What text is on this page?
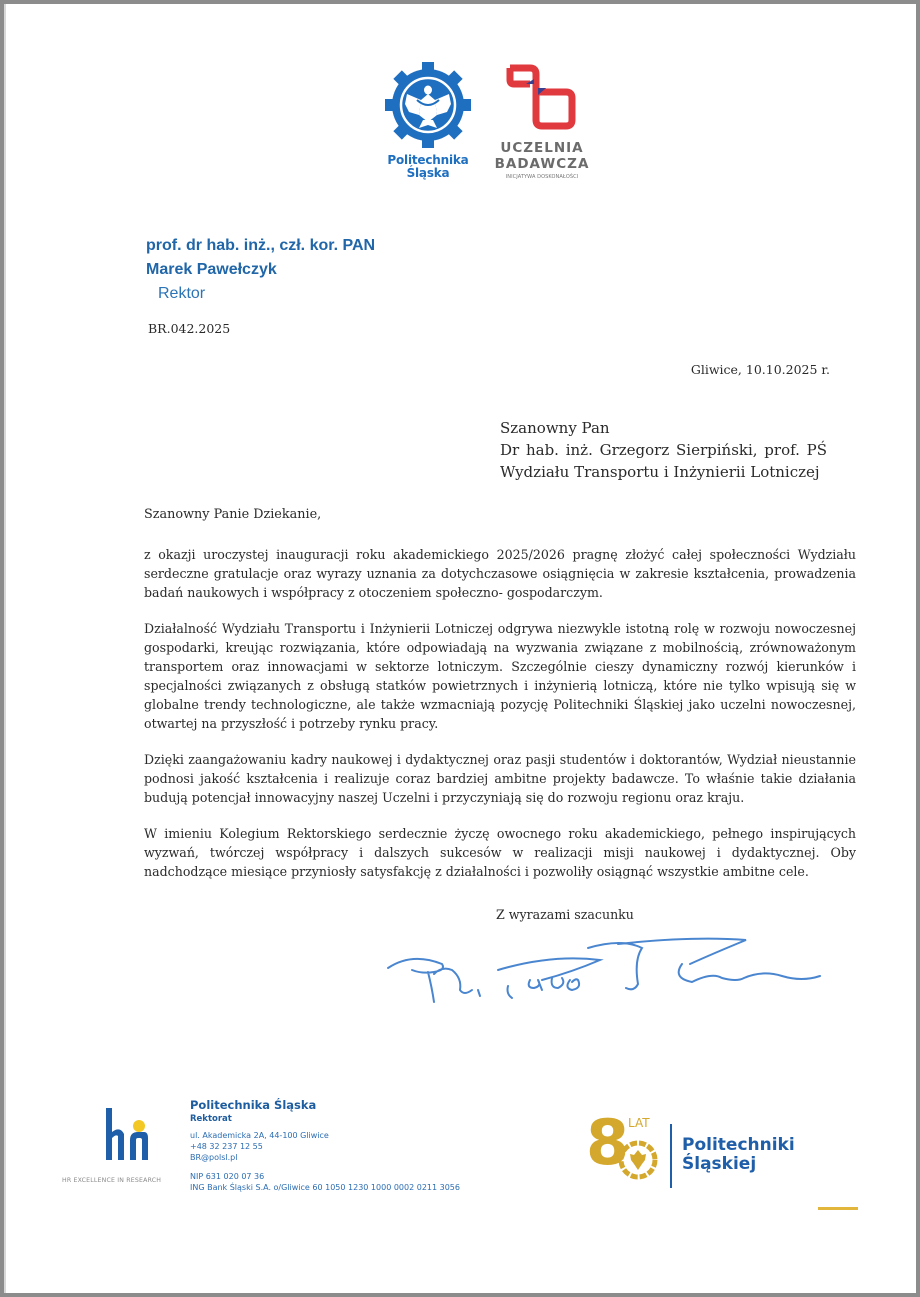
Politechnika
Śląska
UCZELNIA
BADAWCZA
INICJATYWA DOSKONAŁOŚCI
prof. dr hab. inż., czł. kor. PAN
Marek Pawełczyk
Rektor
BR.042.2025
Gliwice, 10.10.2025 r.
Szanowny Pan
Dr hab. inż. Grzegorz Sierpiński, prof. PŚ
Wydziału Transportu i Inżynierii Lotniczej
Szanowny Panie Dziekanie,

z okazji uroczystej inauguracji roku akademickiego 2025/2026 pragnę złożyć całej społeczności Wydziału serdeczne gratulacje oraz wyrazy uznania za dotychczasowe osiągnięcia w zakresie kształcenia, prowadzenia badań naukowych i współpracy z otoczeniem społeczno- gospodarczym.

Działalność Wydziału Transportu i Inżynierii Lotniczej odgrywa niezwykle istotną rolę w rozwoju nowoczesnej gospodarki, kreując rozwiązania, które odpowiadają na wyzwania związane z mobilnością, zrównoważonym transportem oraz innowacjami w sektorze lotniczym. Szczególnie cieszy dynamiczny rozwój kierunków i specjalności związanych z obsługą statków powietrznych i inżynierią lotniczą, które nie tylko wpisują się w globalne trendy technologiczne, ale także wzmacniają pozycję Politechniki Śląskiej jako uczelni nowoczesnej, otwartej na przyszłość i potrzeby rynku pracy.

Dzięki zaangażowaniu kadry naukowej i dydaktycznej oraz pasji studentów i doktorantów, Wydział nieustannie podnosi jakość kształcenia i realizuje coraz bardziej ambitne projekty badawcze. To właśnie takie działania budują potencjał innowacyjny naszej Uczelni i przyczyniają się do rozwoju regionu oraz kraju.

W imieniu Kolegium Rektorskiego serdecznie życzę owocnego roku akademickiego, pełnego inspirujących wyzwań, twórczej współpracy i dalszych sukcesów w realizacji misji naukowej i dydaktycznej. Oby nadchodzące miesiące przyniosły satysfakcję z działalności i pozwoliły osiągnąć wszystkie ambitne cele.

Z wyrazami szacunku
HR EXCELLENCE IN RESEARCH
Politechnika Śląska
Rektorat
ul. Akademicka 2A, 44-100 Gliwice
+48 32 237 12 55
BR@polsl.pl
NIP 631 020 07 36
ING Bank Śląski S.A. o/Gliwice 60 1050 1230 1000 0002 0211 3056
8
LAT
Politechniki
Śląskiej
